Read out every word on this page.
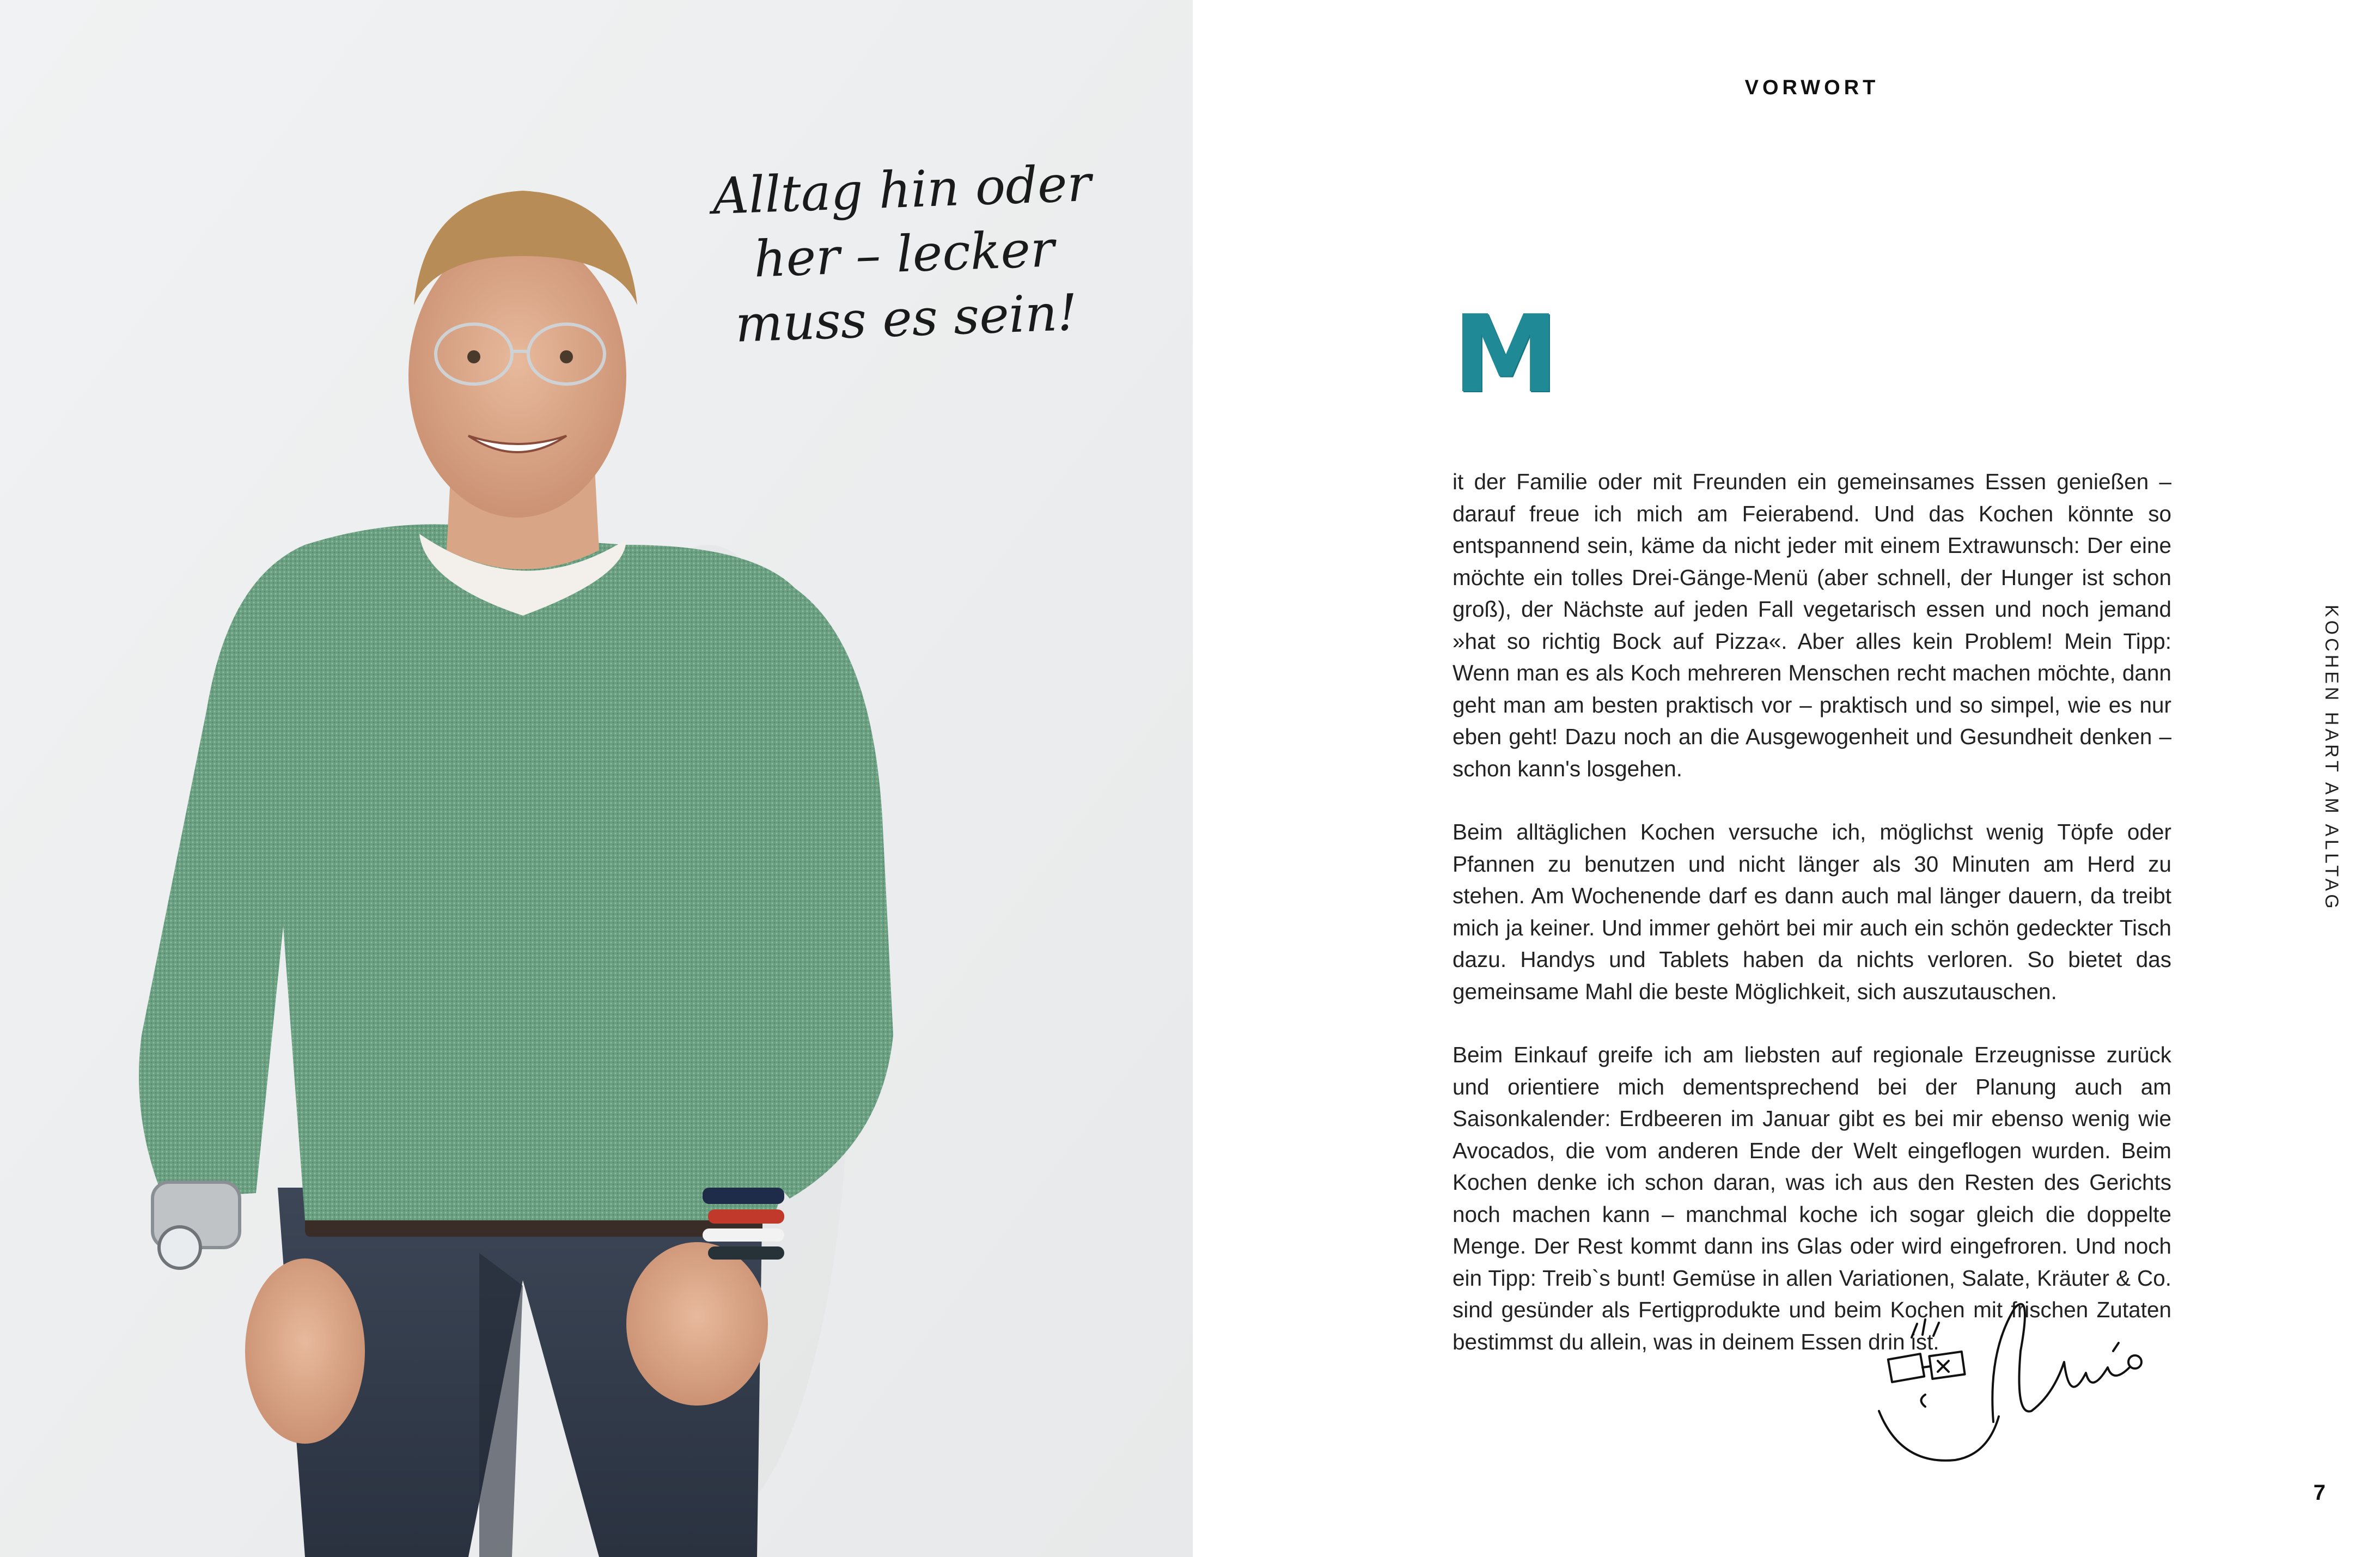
Alltag hin oder
her – lecker
muss es sein!
VORWORT

M
it der Familie oder mit Freunden ein gemeinsames Essen genießen – darauf freue ich mich am Feierabend. Und das Kochen könnte so entspannend sein, käme da nicht jeder mit einem Extrawunsch: Der eine möchte ein tolles Drei-Gänge-Menü (aber schnell, der Hunger ist schon groß), der Nächste auf jeden Fall vegetarisch essen und noch jemand »hat so richtig Bock auf Pizza«. Aber alles kein Problem! Mein Tipp: Wenn man es als Koch mehreren Menschen recht machen möchte, dann geht man am besten praktisch vor – praktisch und so simpel, wie es nur eben geht! Dazu noch an die Ausgewogenheit und Gesundheit denken – schon kann's losgehen.

Beim alltäglichen Kochen versuche ich, möglichst wenig Töpfe oder Pfannen zu benutzen und nicht länger als 30 Minuten am Herd zu stehen. Am Wochenende darf es dann auch mal länger dauern, da treibt mich ja keiner. Und immer gehört bei mir auch ein schön gedeckter Tisch dazu. Handys und Tablets haben da nichts verloren. So bietet das gemeinsame Mahl die beste Möglichkeit, sich auszutauschen.

Beim Einkauf greife ich am liebsten auf regionale Erzeugnisse zurück und orientiere mich dementsprechend bei der Planung auch am Saisonkalender: Erdbeeren im Januar gibt es bei mir ebenso wenig wie Avocados, die vom anderen Ende der Welt eingeflogen wurden. Beim Kochen denke ich schon daran, was ich aus den Resten des Gerichts noch machen kann – manchmal koche ich sogar gleich die doppelte Menge. Der Rest kommt dann ins Glas oder wird eingefroren. Und noch ein Tipp: Treib`s bunt! Gemüse in allen Variationen, Salate, Kräuter & Co. sind gesünder als Fertigprodukte und beim Kochen mit frischen Zutaten bestimmst du allein, was in deinem Essen drin ist.

KOCHEN HART AM ALLTAG
7
